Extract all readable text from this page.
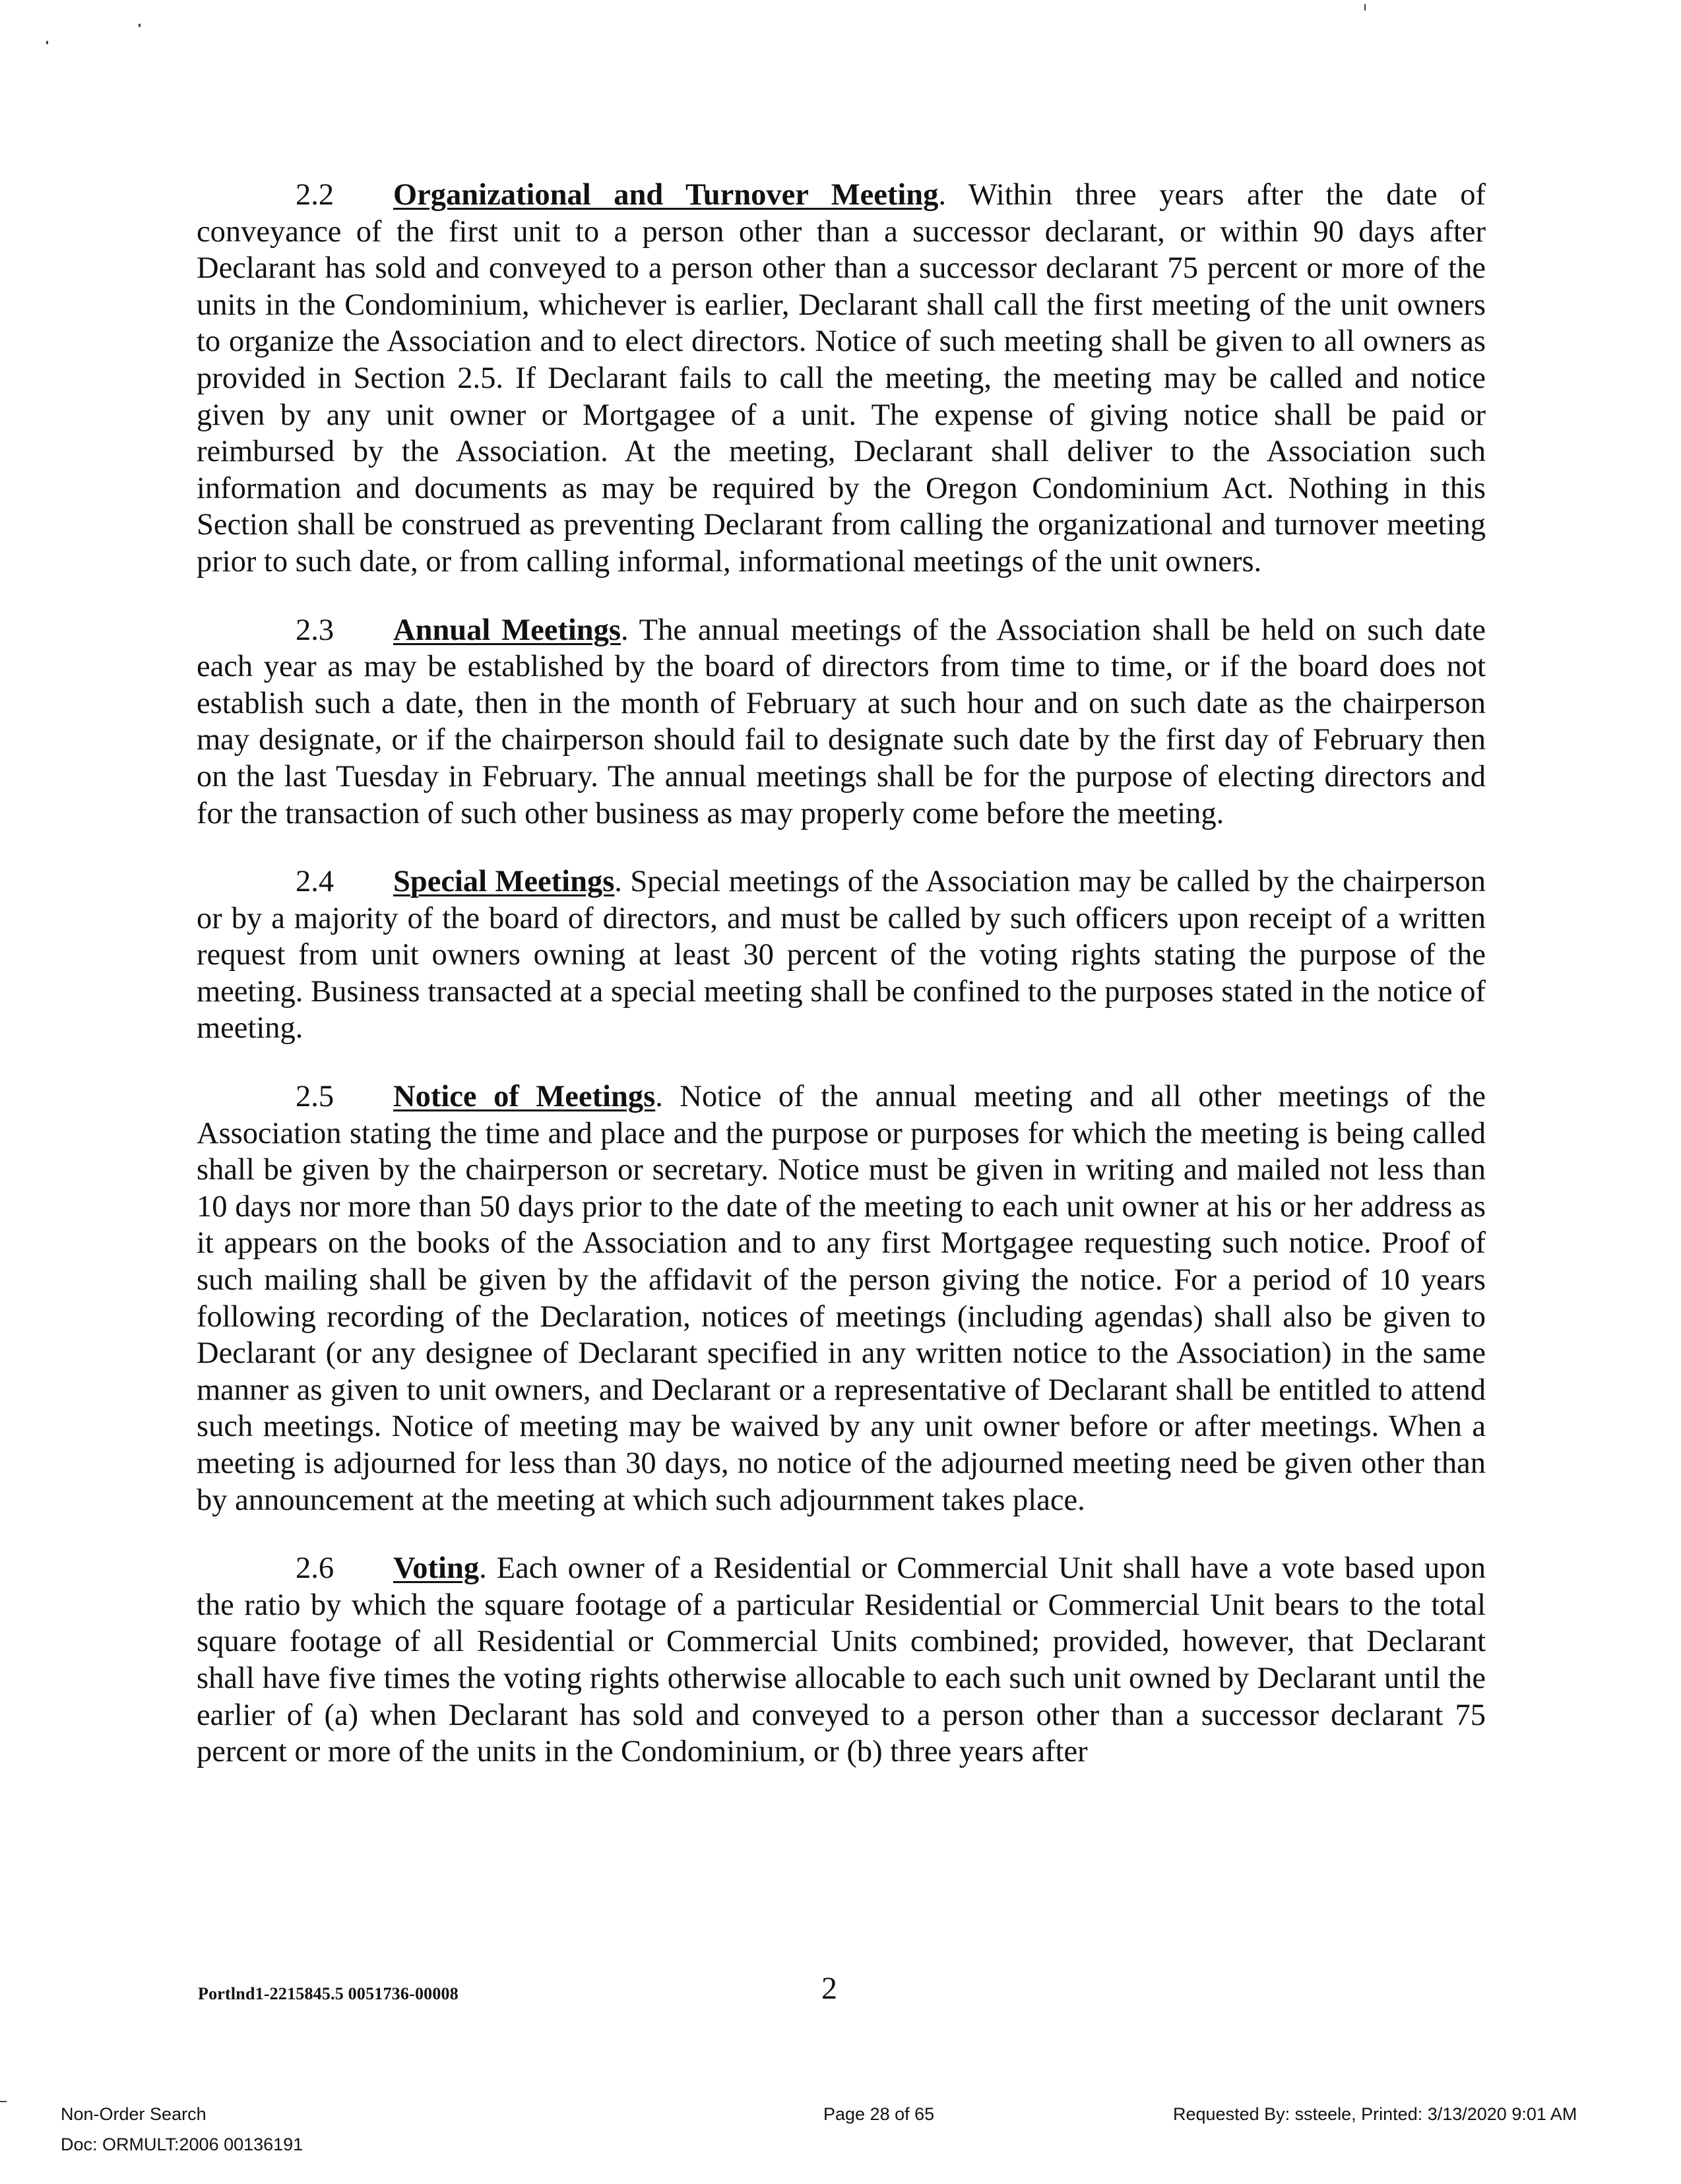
2.2 Organizational and Turnover Meeting. Within three years after the date of conveyance of the first unit to a person other than a successor declarant, or within 90 days after Declarant has sold and conveyed to a person other than a successor declarant 75 percent or more of the units in the Condominium, whichever is earlier, Declarant shall call the first meeting of the unit owners to organize the Association and to elect directors. Notice of such meeting shall be given to all owners as provided in Section 2.5. If Declarant fails to call the meeting, the meeting may be called and notice given by any unit owner or Mortgagee of a unit. The expense of giving notice shall be paid or reimbursed by the Association. At the meeting, Declarant shall deliver to the Association such information and documents as may be required by the Oregon Condominium Act. Nothing in this Section shall be construed as preventing Declarant from calling the organizational and turnover meeting prior to such date, or from calling informal, informational meetings of the unit owners.

2.3 Annual Meetings. The annual meetings of the Association shall be held on such date each year as may be established by the board of directors from time to time, or if the board does not establish such a date, then in the month of February at such hour and on such date as the chairperson may designate, or if the chairperson should fail to designate such date by the first day of February then on the last Tuesday in February. The annual meetings shall be for the purpose of electing directors and for the transaction of such other business as may properly come before the meeting.

2.4 Special Meetings. Special meetings of the Association may be called by the chairperson or by a majority of the board of directors, and must be called by such officers upon receipt of a written request from unit owners owning at least 30 percent of the voting rights stating the purpose of the meeting. Business transacted at a special meeting shall be confined to the purposes stated in the notice of meeting.

2.5 Notice of Meetings. Notice of the annual meeting and all other meetings of the Association stating the time and place and the purpose or purposes for which the meeting is being called shall be given by the chairperson or secretary. Notice must be given in writing and mailed not less than 10 days nor more than 50 days prior to the date of the meeting to each unit owner at his or her address as it appears on the books of the Association and to any first Mortgagee requesting such notice. Proof of such mailing shall be given by the affidavit of the person giving the notice. For a period of 10 years following recording of the Declaration, notices of meetings (including agendas) shall also be given to Declarant (or any designee of Declarant specified in any written notice to the Association) in the same manner as given to unit owners, and Declarant or a representative of Declarant shall be entitled to attend such meetings. Notice of meeting may be waived by any unit owner before or after meetings. When a meeting is adjourned for less than 30 days, no notice of the adjourned meeting need be given other than by announcement at the meeting at which such adjournment takes place.

2.6 Voting. Each owner of a Residential or Commercial Unit shall have a vote based upon the ratio by which the square footage of a particular Residential or Commercial Unit bears to the total square footage of all Residential or Commercial Units combined; provided, however, that Declarant shall have five times the voting rights otherwise allocable to each such unit owned by Declarant until the earlier of (a) when Declarant has sold and conveyed to a person other than a successor declarant 75 percent or more of the units in the Condominium, or (b) three years after

Portlnd1-2215845.5 0051736-00008	2
Non-Order Search
Doc: ORMULT:2006 00136191
Page 28 of 65	Requested By: ssteele, Printed: 3/13/2020 9:01 AM
